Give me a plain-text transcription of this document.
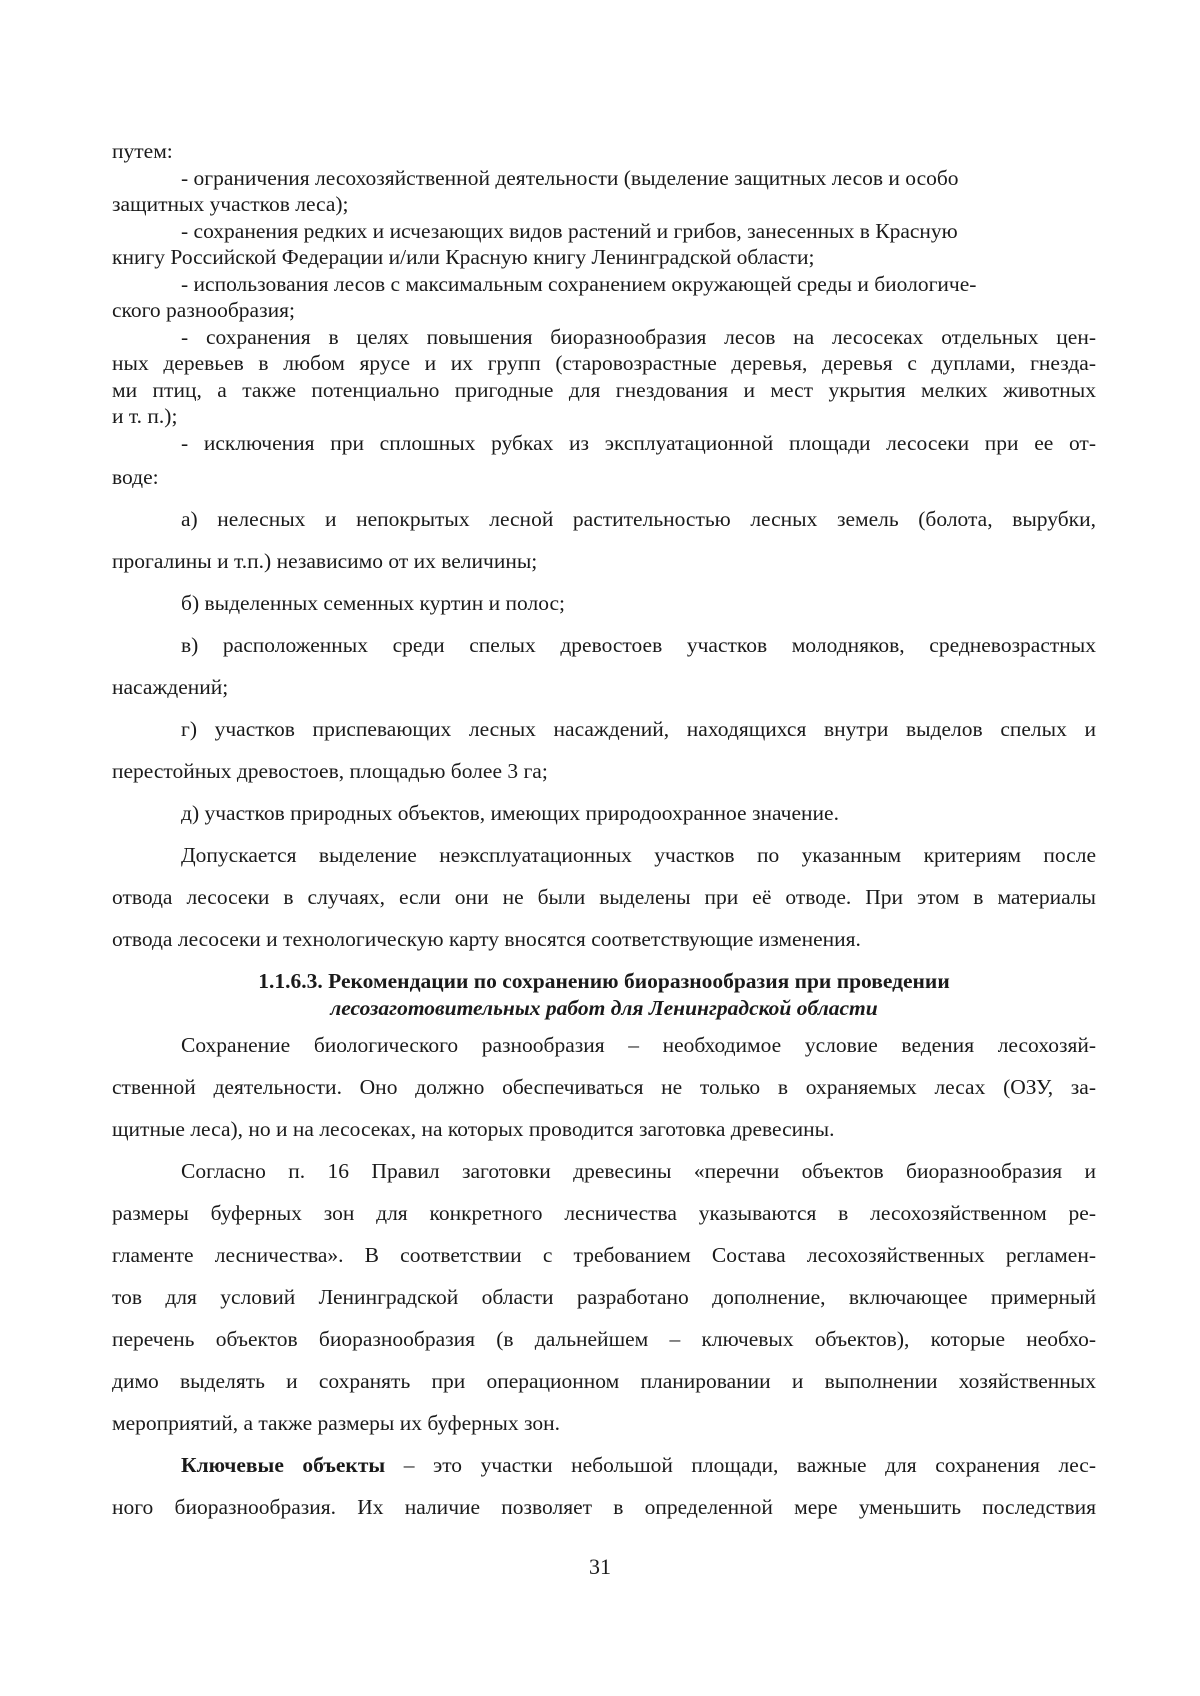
путем:

- ограничения лесохозяйственной деятельности (выделение защитных лесов и особо

защитных участков леса);

- сохранения редких и исчезающих видов растений и грибов, занесенных в Красную

книгу Российской Федерации и/или Красную книгу Ленинградской области;

- использования лесов с максимальным сохранением окружающей среды и биологиче-

ского разнообразия;

- сохранения в целях повышения биоразнообразия лесов на лесосеках отдельных цен-

ных деревьев в любом ярусе и их групп (старовозрастные деревья, деревья с дуплами, гнезда-

ми птиц, а также потенциально пригодные для гнездования и мест укрытия мелких животных

и т. п.);

- исключения при сплошных рубках из эксплуатационной площади лесосеки при ее от-

воде:

а) нелесных и непокрытых лесной растительностью лесных земель (болота, вырубки,

прогалины и т.п.) независимо от их величины;

б) выделенных семенных куртин и полос;

в) расположенных среди спелых древостоев участков молодняков, средневозрастных

насаждений;

г) участков приспевающих лесных насаждений, находящихся внутри выделов спелых и

перестойных древостоев, площадью более 3 га;

д) участков природных объектов, имеющих природоохранное значение.

Допускается выделение неэксплуатационных участков по указанным критериям после

отвода лесосеки в случаях, если они не были выделены при её отводе. При этом в материалы

отвода лесосеки и технологическую карту вносятся соответствующие изменения.

1.1.6.3. Рекомендации по сохранению биоразнообразия при проведении
лесозаготовительных работ для Ленинградской области

Сохранение биологического разнообразия – необходимое условие ведения лесохозяй-

ственной деятельности. Оно должно обеспечиваться не только в охраняемых лесах (ОЗУ, за-

щитные леса), но и на лесосеках, на которых проводится заготовка древесины.

Согласно п. 16 Правил заготовки древесины «перечни объектов биоразнообразия и

размеры буферных зон для конкретного лесничества указываются в лесохозяйственном ре-

гламенте лесничества». В соответствии с требованием Состава лесохозяйственных регламен-

тов для условий Ленинградской области разработано дополнение, включающее примерный

перечень объектов биоразнообразия (в дальнейшем – ключевых объектов), которые необхо-

димо выделять и сохранять при операционном планировании и выполнении хозяйственных

мероприятий, а также размеры их буферных зон.

Ключевые объекты – это участки небольшой площади, важные для сохранения лес-

ного биоразнообразия. Их наличие позволяет в определенной мере уменьшить последствия

31
